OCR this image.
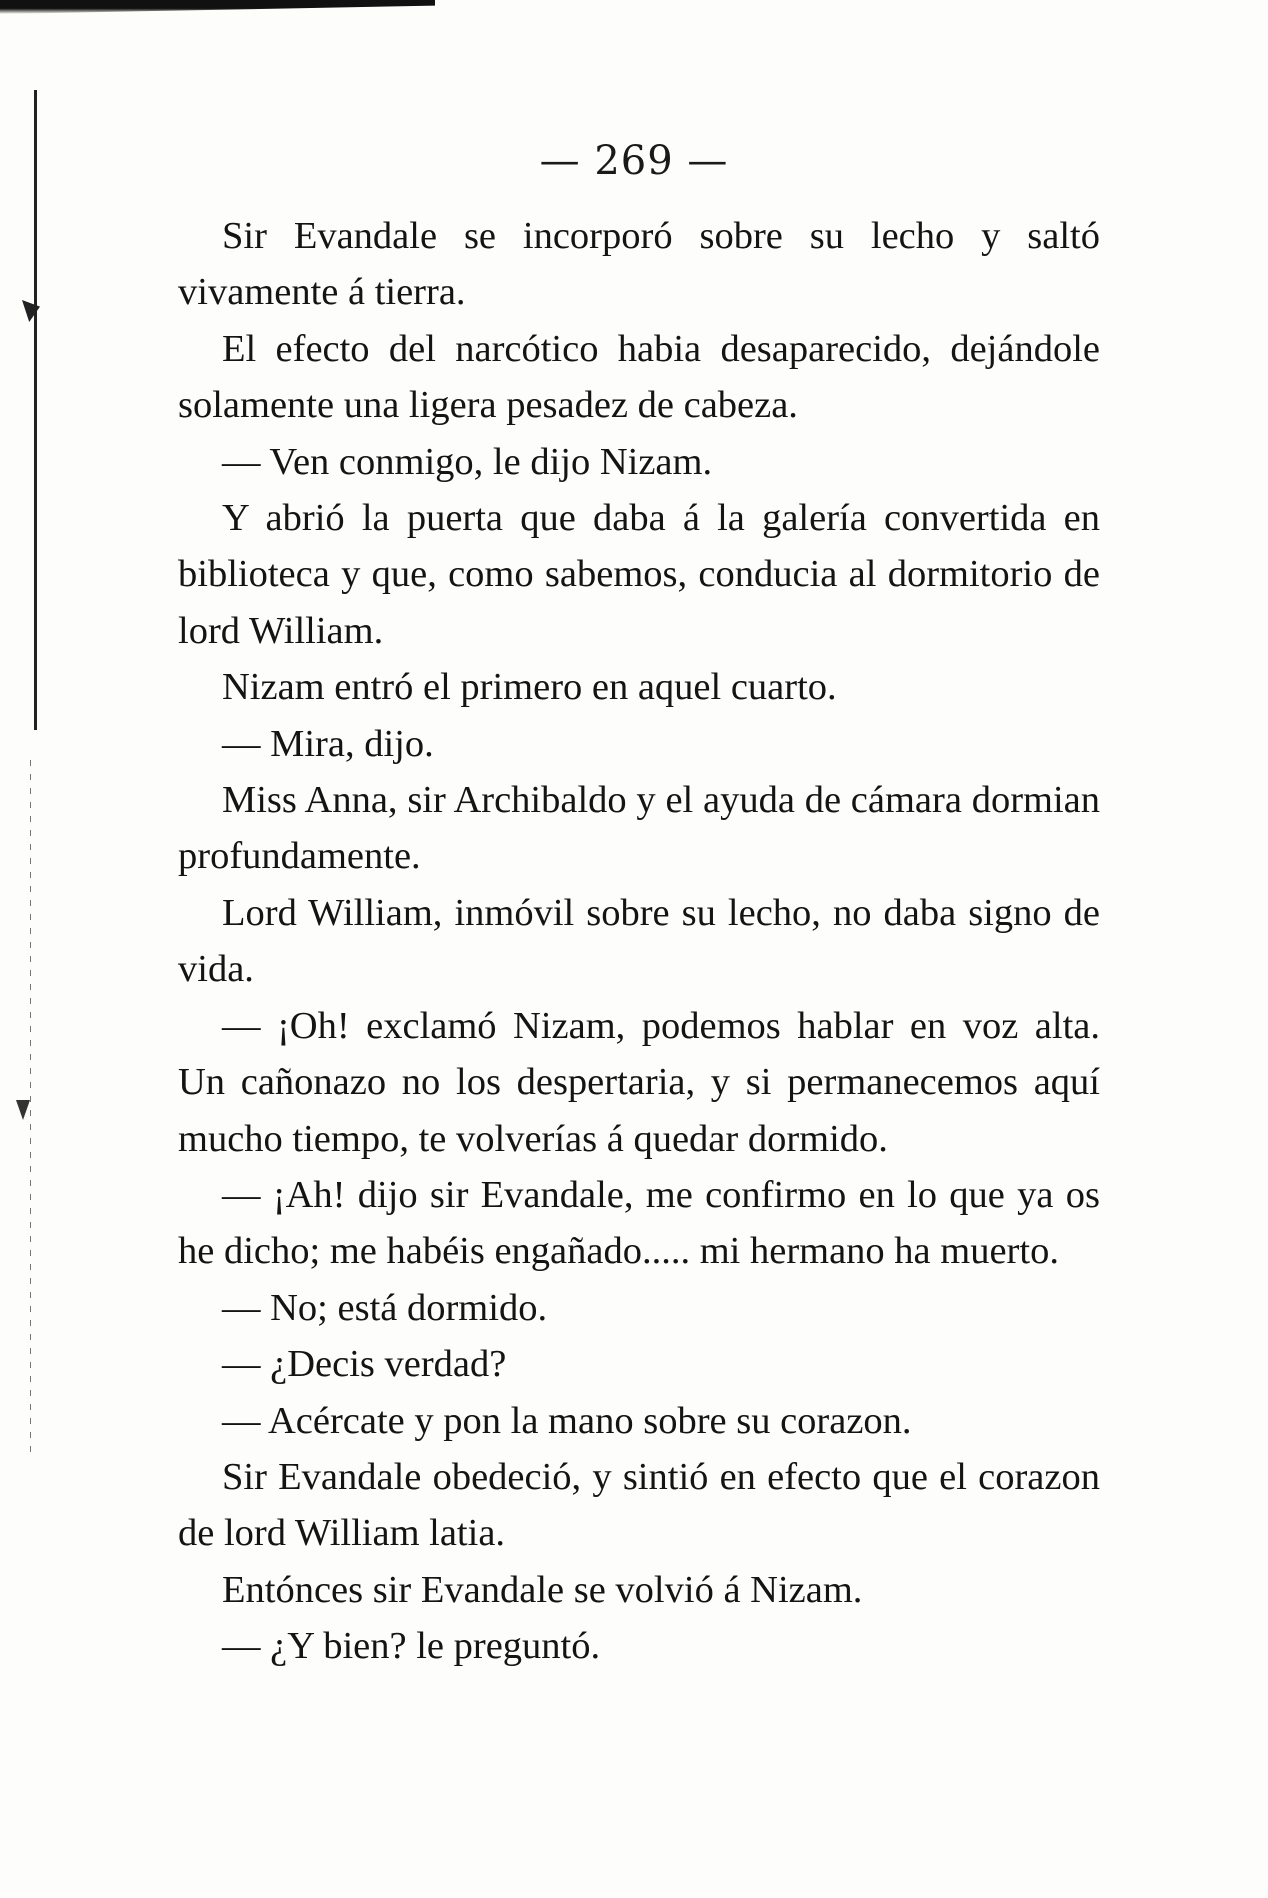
— 269 —

Sir Evandale se incorporó sobre su lecho y saltó vivamente á tierra.

El efecto del narcótico habia desaparecido, dejándole solamente una ligera pesadez de cabeza.

— Ven conmigo, le dijo Nizam.

Y abrió la puerta que daba á la galería convertida en biblioteca y que, como sabemos, conducia al dormitorio de lord William.

Nizam entró el primero en aquel cuarto.

— Mira, dijo.

Miss Anna, sir Archibaldo y el ayuda de cámara dormian profundamente.

Lord William, inmóvil sobre su lecho, no daba signo de vida.

— ¡Oh! exclamó Nizam, podemos hablar en voz alta. Un cañonazo no los despertaria, y si permanecemos aquí mucho tiempo, te volverías á quedar dormido.

— ¡Ah! dijo sir Evandale, me confirmo en lo que ya os he dicho; me habéis engañado..... mi hermano ha muerto.

— No; está dormido.

— ¿Decis verdad?

— Acércate y pon la mano sobre su corazon.

Sir Evandale obedeció, y sintió en efecto que el corazon de lord William latia.

Entónces sir Evandale se volvió á Nizam.

— ¿Y bien? le preguntó.
